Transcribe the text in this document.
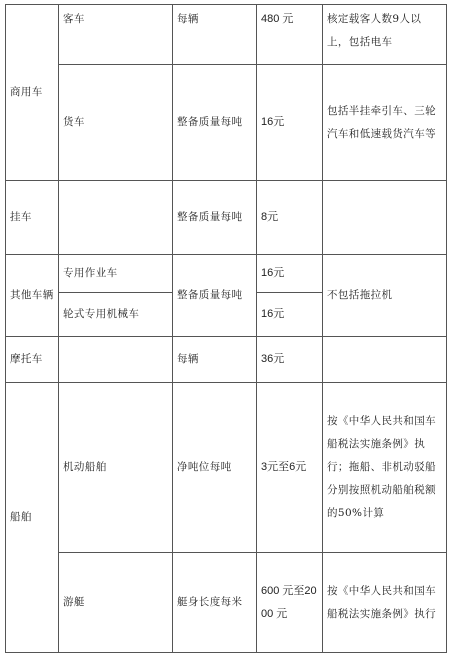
商用车	客车	每辆	480 元	核定载客人数9人以上，包括电车
	货车	整备质量每吨	16元	包括半挂牵引车、三轮汽车和低速载货汽车等
挂车		整备质量每吨	8元	
其他车辆	专用作业车	整备质量每吨	16元	不包括拖拉机
	轮式专用机械车		16元	
摩托车		每辆	36元	
船舶	机动船舶	净吨位每吨	3元至6元	按《中华人民共和国车船税法实施条例》执行；拖船、非机动驳船分别按照机动船舶税额的50%计算
	游艇	艇身长度每米	600 元至2000 元	按《中华人民共和国车船税法实施条例》执行
